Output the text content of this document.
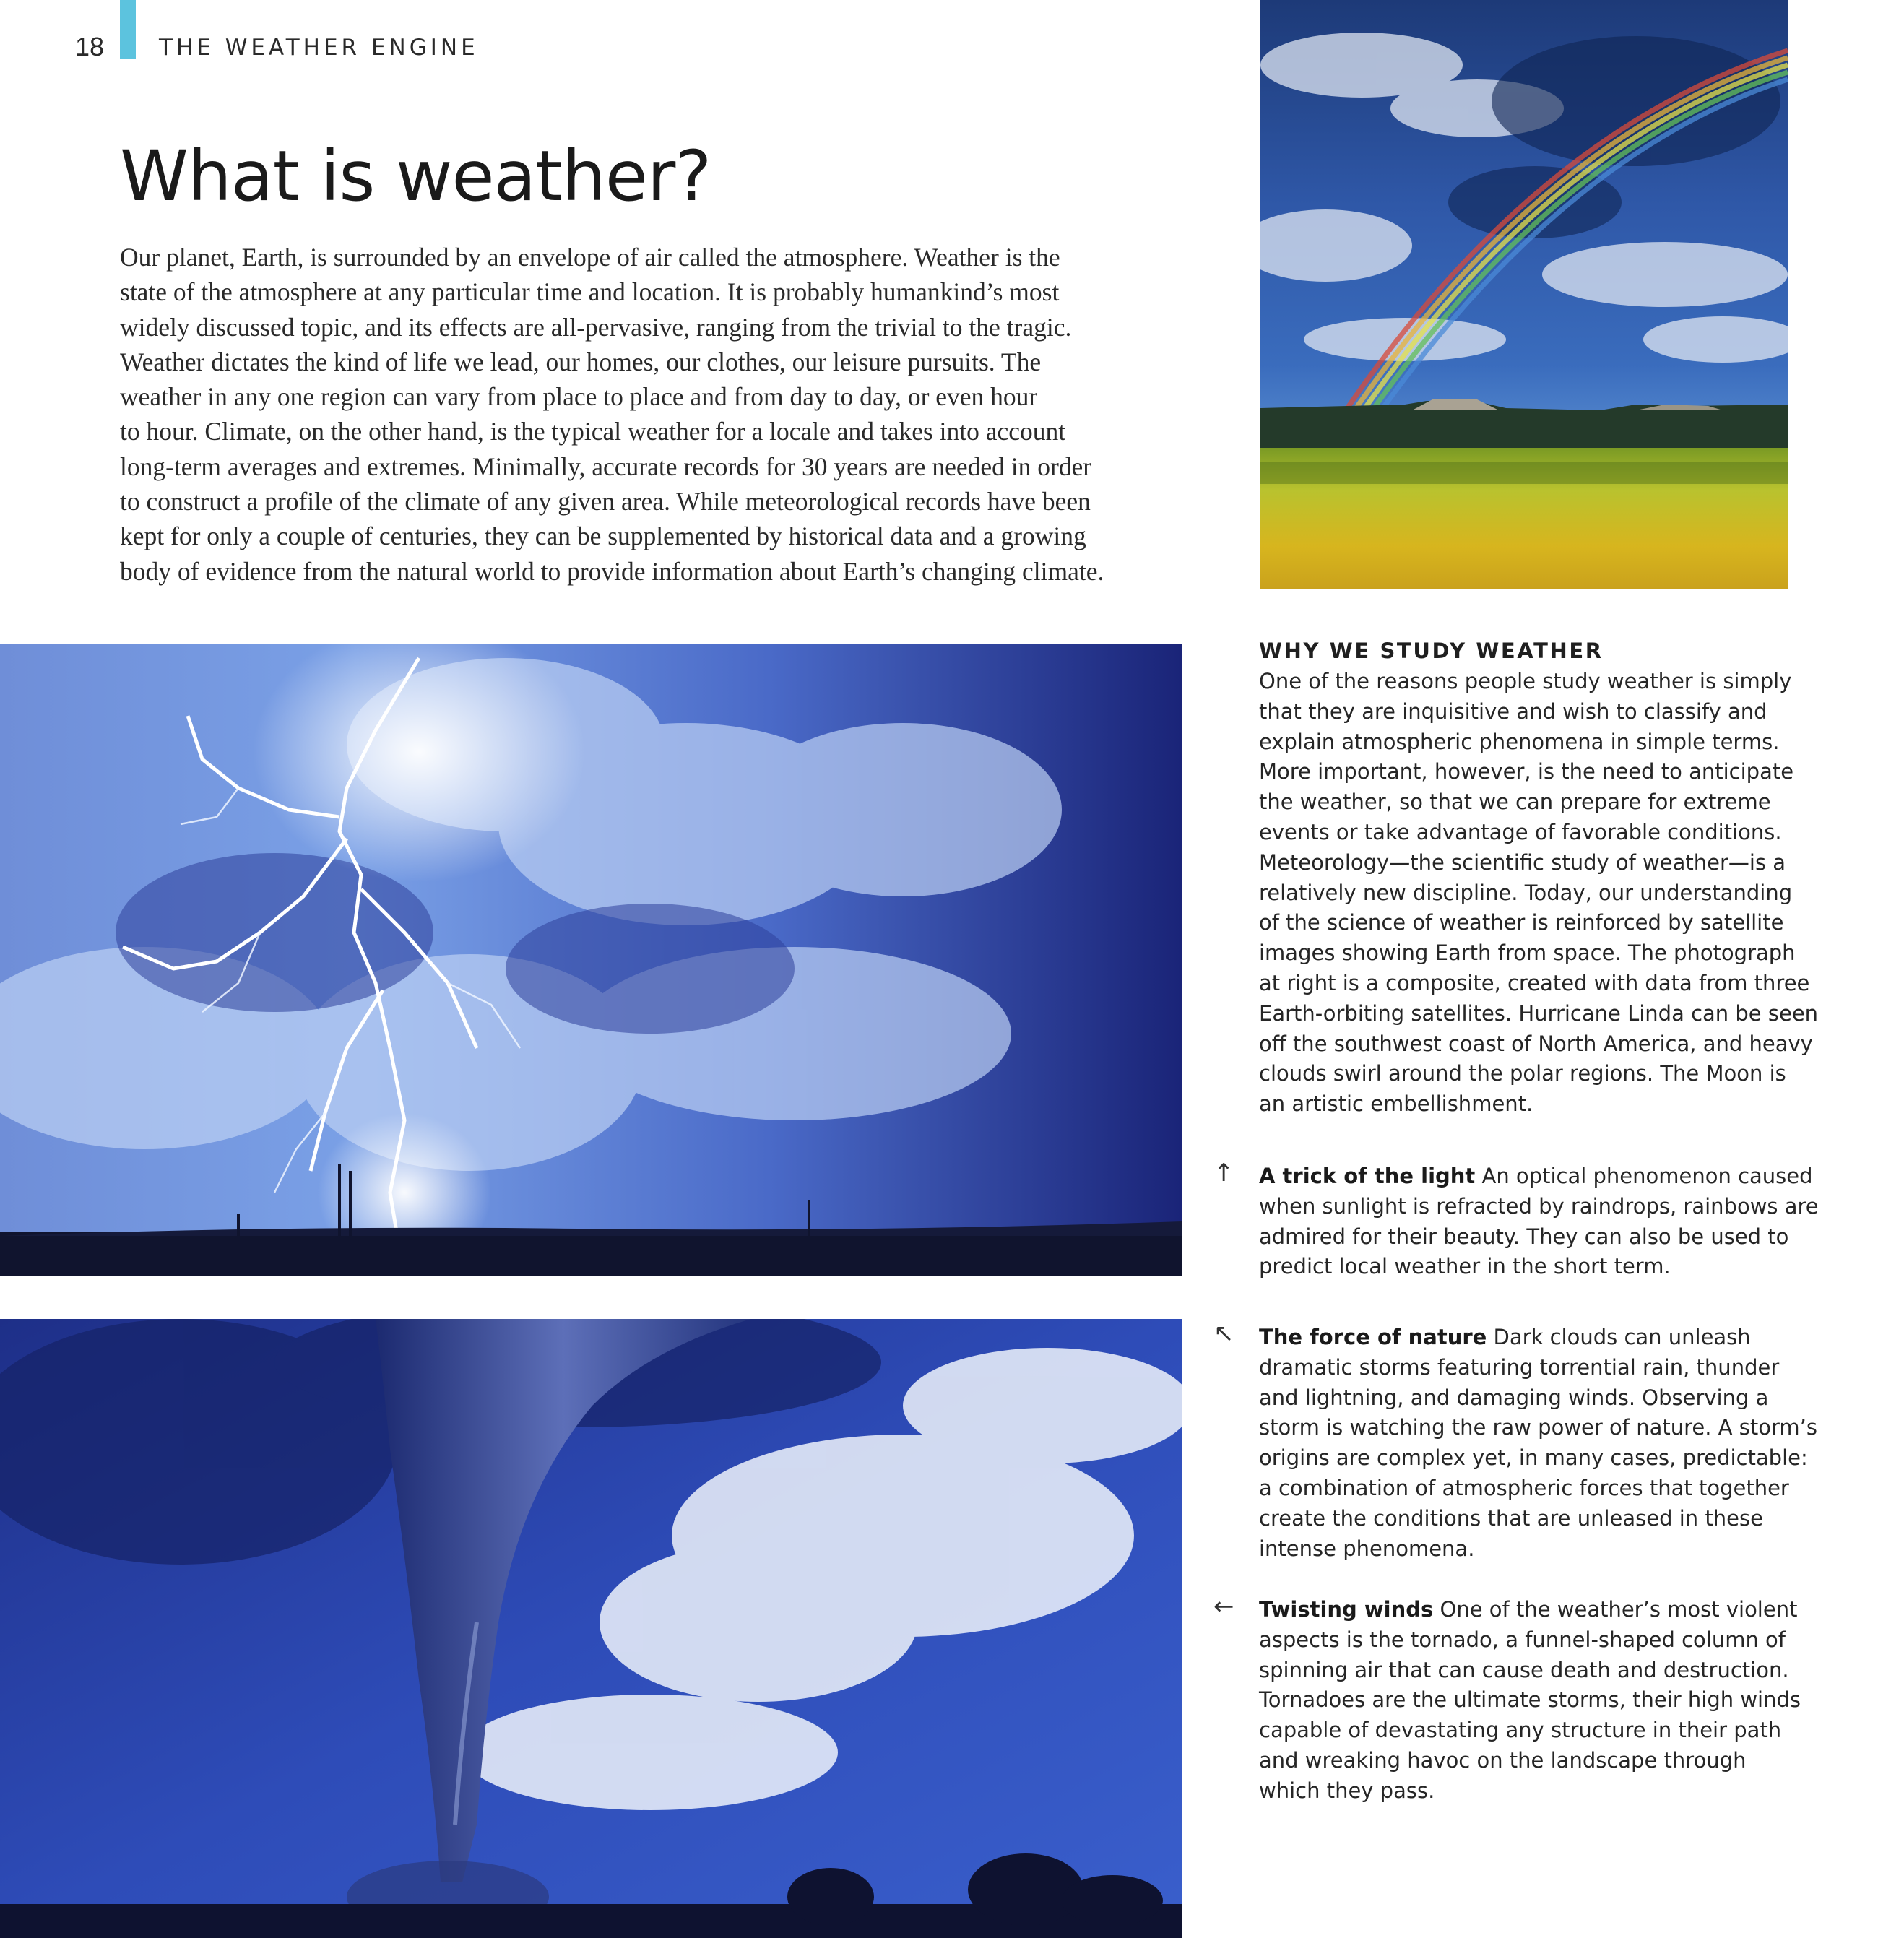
18 THE WEATHER ENGINE
What is weather?

Our planet, Earth, is surrounded by an envelope of air called the atmosphere. Weather is the
state of the atmosphere at any particular time and location. It is probably humankind’s most
widely discussed topic, and its effects are all-pervasive, ranging from the trivial to the tragic.
Weather dictates the kind of life we lead, our homes, our clothes, our leisure pursuits. The
weather in any one region can vary from place to place and from day to day, or even hour
to hour. Climate, on the other hand, is the typical weather for a locale and takes into account
long-term averages and extremes. Minimally, accurate records for 30 years are needed in order
to construct a profile of the climate of any given area. While meteorological records have been
kept for only a couple of centuries, they can be supplemented by historical data and a growing
body of evidence from the natural world to provide information about Earth’s changing climate.

WHY WE STUDY WEATHER
One of the reasons people study weather is simply
that they are inquisitive and wish to classify and
explain atmospheric phenomena in simple terms.
More important, however, is the need to anticipate
the weather, so that we can prepare for extreme
events or take advantage of favorable conditions.
Meteorology—the scientific study of weather—is a
relatively new discipline. Today, our understanding
of the science of weather is reinforced by satellite
images showing Earth from space. The photograph
at right is a composite, created with data from three
Earth-orbiting satellites. Hurricane Linda can be seen
off the southwest coast of North America, and heavy
clouds swirl around the polar regions. The Moon is
an artistic embellishment.
↑ A trick of the light An optical phenomenon caused
when sunlight is refracted by raindrops, rainbows are
admired for their beauty. They can also be used to
predict local weather in the short term.
↖ The force of nature Dark clouds can unleash
dramatic storms featuring torrential rain, thunder
and lightning, and damaging winds. Observing a
storm is watching the raw power of nature. A storm’s
origins are complex yet, in many cases, predictable:
a combination of atmospheric forces that together
create the conditions that are unleased in these
intense phenomena.
← Twisting winds One of the weather’s most violent
aspects is the tornado, a funnel-shaped column of
spinning air that can cause death and destruction.
Tornadoes are the ultimate storms, their high winds
capable of devastating any structure in their path
and wreaking havoc on the landscape through
which they pass.
